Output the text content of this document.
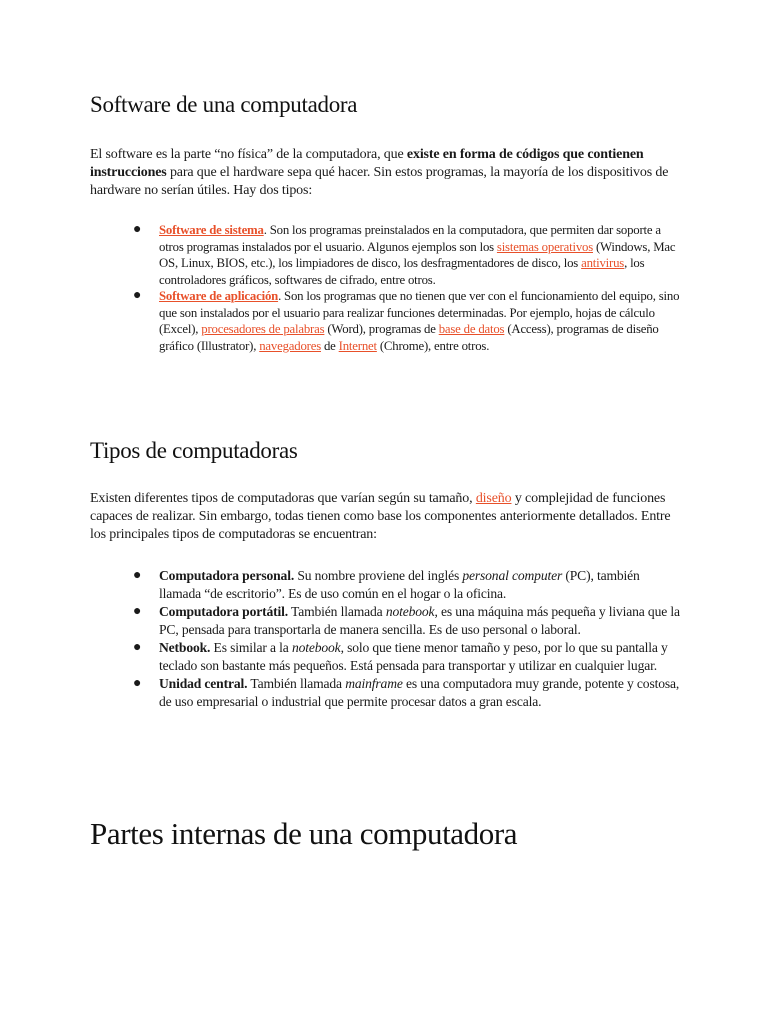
Software de una computadora

El software es la parte “no física” de la computadora, que existe en forma de códigos que contienen instrucciones para que el hardware sepa qué hacer. Sin estos programas, la mayoría de los dispositivos de hardware no serían útiles. Hay dos tipos:

● Software de sistema. Son los programas preinstalados en la computadora, que permiten dar soporte a otros programas instalados por el usuario. Algunos ejemplos son los sistemas operativos (Windows, Mac OS, Linux, BIOS, etc.), los limpiadores de disco, los desfragmentadores de disco, los antivirus, los controladores gráficos, softwares de cifrado, entre otros.
● Software de aplicación. Son los programas que no tienen que ver con el funcionamiento del equipo, sino que son instalados por el usuario para realizar funciones determinadas. Por ejemplo, hojas de cálculo (Excel), procesadores de palabras (Word), programas de base de datos (Access), programas de diseño gráfico (Illustrator), navegadores de Internet (Chrome), entre otros.
Tipos de computadoras

Existen diferentes tipos de computadoras que varían según su tamaño, diseño y complejidad de funciones capaces de realizar. Sin embargo, todas tienen como base los componentes anteriormente detallados. Entre los principales tipos de computadoras se encuentran:

● Computadora personal. Su nombre proviene del inglés personal computer (PC), también llamada “de escritorio”. Es de uso común en el hogar o la oficina.
● Computadora portátil. También llamada notebook, es una máquina más pequeña y liviana que la PC, pensada para transportarla de manera sencilla. Es de uso personal o laboral.
● Netbook. Es similar a la notebook, solo que tiene menor tamaño y peso, por lo que su pantalla y teclado son bastante más pequeños. Está pensada para transportar y utilizar en cualquier lugar.
● Unidad central. También llamada mainframe es una computadora muy grande, potente y costosa, de uso empresarial o industrial que permite procesar datos a gran escala.
Partes internas de una computadora
